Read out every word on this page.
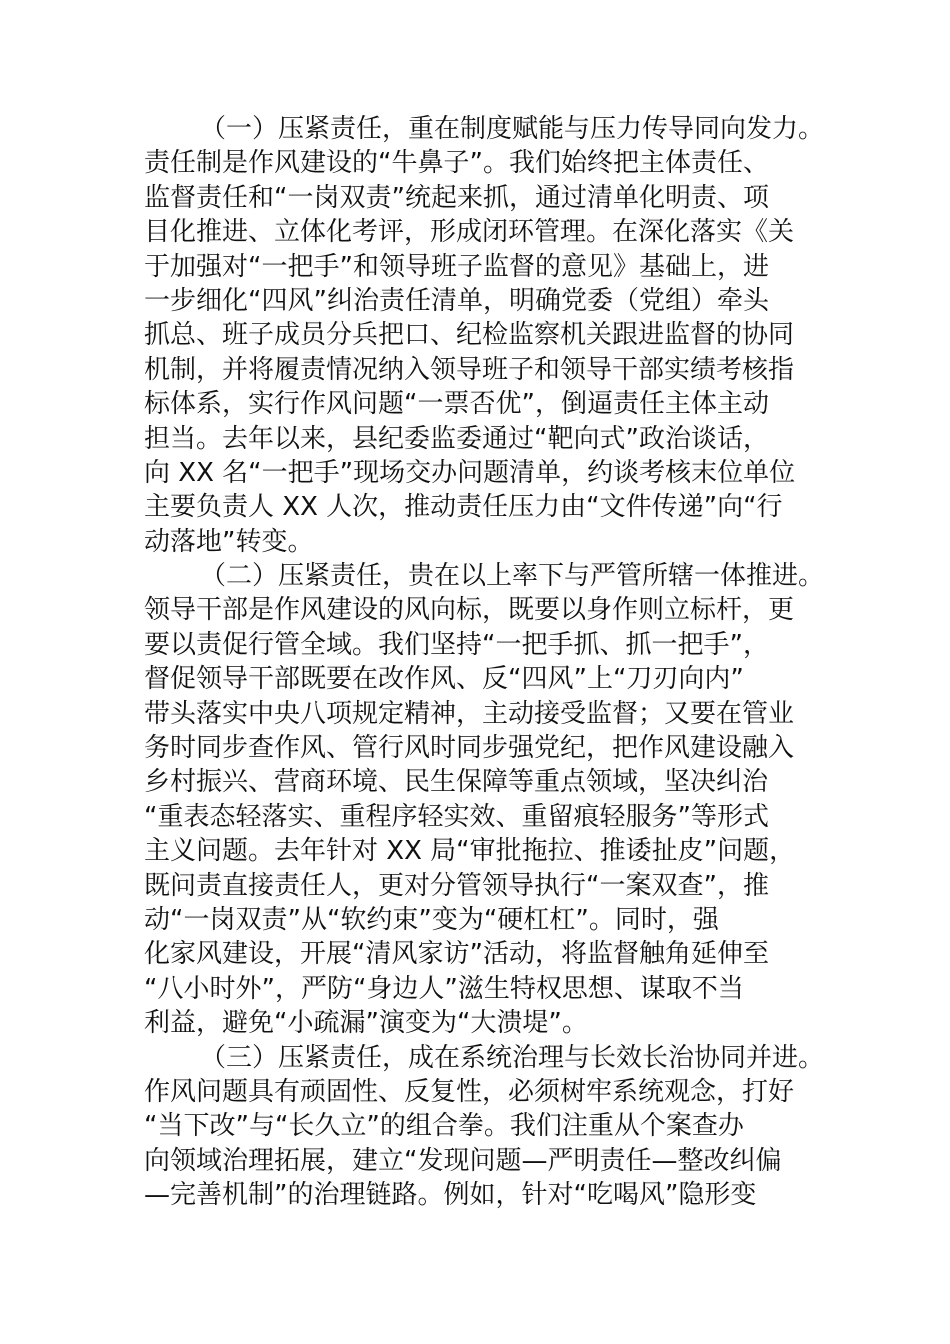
（一）压紧责任，重在制度赋能与压力传导同向发力。
责任制是作风建设的“牛鼻子”。我们始终把主体责任、
监督责任和“一岗双责”统起来抓，通过清单化明责、项
目化推进、立体化考评，形成闭环管理。在深化落实《关
于加强对“一把手”和领导班子监督的意见》基础上，进
一步细化“四风”纠治责任清单，明确党委（党组）牵头
抓总、班子成员分兵把口、纪检监察机关跟进监督的协同
机制，并将履责情况纳入领导班子和领导干部实绩考核指
标体系，实行作风问题“一票否优”，倒逼责任主体主动
担当。去年以来，县纪委监委通过“靶向式”政治谈话，
向 XX 名“一把手”现场交办问题清单，约谈考核末位单位
主要负责人 XX 人次，推动责任压力由“文件传递”向“行
动落地”转变。
（二）压紧责任，贵在以上率下与严管所辖一体推进。
领导干部是作风建设的风向标，既要以身作则立标杆，更
要以责促行管全域。我们坚持“一把手抓、抓一把手”，
督促领导干部既要在改作风、反“四风”上“刀刃向内”
带头落实中央八项规定精神，主动接受监督；又要在管业
务时同步查作风、管行风时同步强党纪，把作风建设融入
乡村振兴、营商环境、民生保障等重点领域，坚决纠治
“重表态轻落实、重程序轻实效、重留痕轻服务”等形式
主义问题。去年针对 XX 局“审批拖拉、推诿扯皮”问题，
既问责直接责任人，更对分管领导执行“一案双查”，推
动“一岗双责”从“软约束”变为“硬杠杠”。同时，强
化家风建设，开展“清风家访”活动，将监督触角延伸至
“八小时外”，严防“身边人”滋生特权思想、谋取不当
利益，避免“小疏漏”演变为“大溃堤”。
（三）压紧责任，成在系统治理与长效长治协同并进。
作风问题具有顽固性、反复性，必须树牢系统观念，打好
“当下改”与“长久立”的组合拳。我们注重从个案查办
向领域治理拓展，建立“发现问题—严明责任—整改纠偏
—完善机制”的治理链路。例如，针对“吃喝风”隐形变
